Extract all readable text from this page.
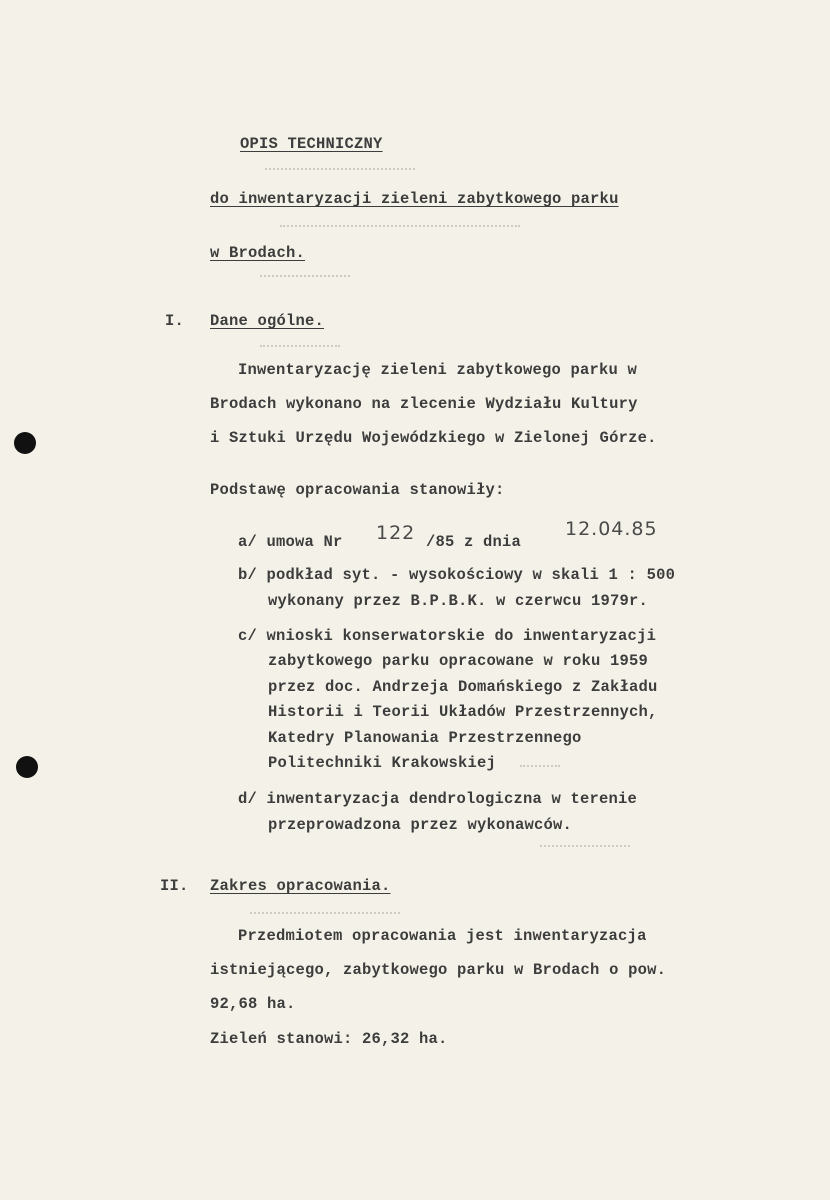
OPIS TECHNICZNY
do inwentaryzacji zieleni zabytkowego parku
w Brodach.
I. Dane ogólne.
Inwentaryzację zieleni zabytkowego parku w
Brodach wykonano na zlecenie Wydziału Kultury
i Sztuki Urzędu Wojewódzkiego w Zielonej Górze.
Podstawę opracowania stanowiły:
a/ umowa Nr 122 /85 z dnia
12.04.85
b/ podkład syt. - wysokościowy w skali 1 : 500
wykonany przez B.P.B.K. w czerwcu 1979r.
c/ wnioski konserwatorskie do inwentaryzacji
zabytkowego parku opracowane w roku 1959
przez doc. Andrzeja Domańskiego z Zakładu
Historii i Teorii Układów Przestrzennych,
Katedry Planowania Przestrzennego
Politechniki Krakowskiej
d/ inwentaryzacja dendrologiczna w terenie
przeprowadzona przez wykonawców.
II. Zakres opracowania.
Przedmiotem opracowania jest inwentaryzacja
istniejącego, zabytkowego parku w Brodach o pow.
92,68 ha.
Zieleń stanowi: 26,32 ha.
